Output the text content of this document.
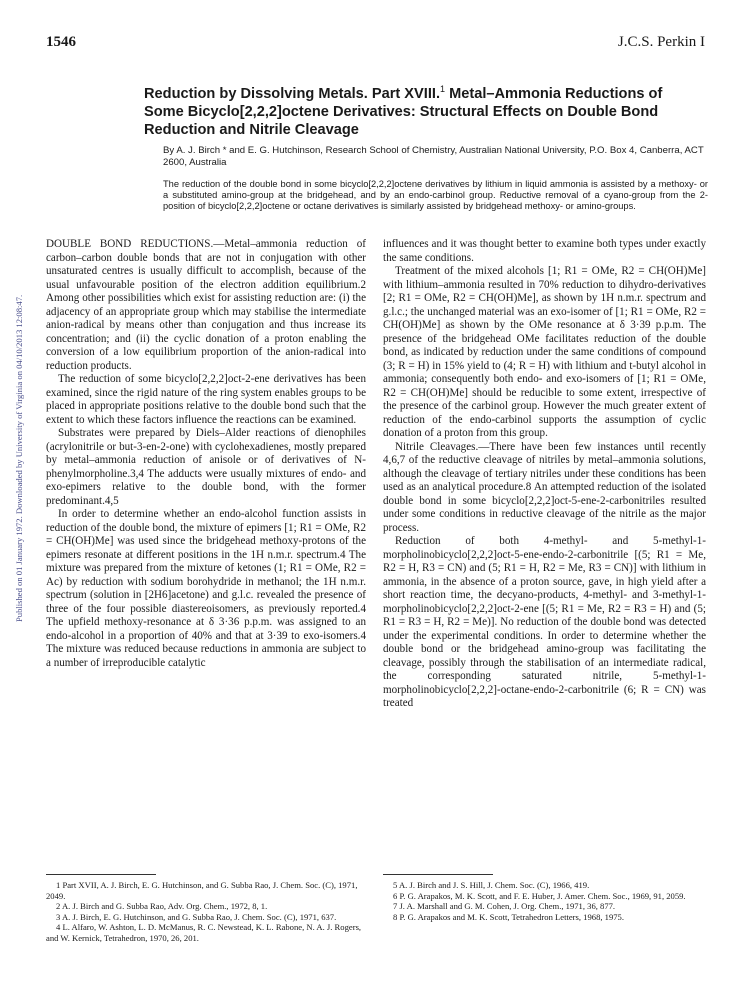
1546	J.C.S. Perkin I
Published on 01 January 1972. Downloaded by University of Virginia on 04/10/2013 12:08:47.
Reduction by Dissolving Metals. Part XVIII.$^1$ Metal–Ammonia Reductions of Some Bicyclo[2,2,2]octene Derivatives: Structural Effects on Double Bond Reduction and Nitrile Cleavage
By A. J. Birch * and E. G. Hutchinson, Research School of Chemistry, Australian National University, P.O. Box 4, Canberra, ACT 2600, Australia
The reduction of the double bond in some bicyclo[2,2,2]octene derivatives by lithium in liquid ammonia is assisted by a methoxy- or a substituted amino-group at the bridgehead, and by an endo-carbinol group. Reductive removal of a cyano-group from the 2-position of bicyclo[2,2,2]octene or octane derivatives is similarly assisted by bridgehead methoxy- or amino-groups.

DOUBLE BOND REDUCTIONS.—Metal–ammonia reduction of carbon–carbon double bonds that are not in conjugation with other unsaturated centres is usually difficult to accomplish, because of the usual unfavourable position of the electron addition equilibrium.2 Among other possibilities which exist for assisting reduction are: (i) the adjacency of an appropriate group which may stabilise the intermediate anion-radical by means other than conjugation and thus increase its concentration; and (ii) the cyclic donation of a proton enabling the conversion of a low equilibrium proportion of the anion-radical into reduction products.

The reduction of some bicyclo[2,2,2]oct-2-ene derivatives has been examined, since the rigid nature of the ring system enables groups to be placed in appropriate positions relative to the double bond such that the extent to which these factors influence the reactions can be examined.

Substrates were prepared by Diels–Alder reactions of dienophiles (acrylonitrile or but-3-en-2-one) with cyclohexadienes, mostly prepared by metal–ammonia reduction of anisole or of derivatives of N-phenylmorpholine.3,4 The adducts were usually mixtures of endo- and exo-epimers relative to the double bond, with the former predominant.4,5

In order to determine whether an endo-alcohol function assists in reduction of the double bond, the mixture of epimers [1; R1 = OMe, R2 = CH(OH)Me] was used since the bridgehead methoxy-protons of the epimers resonate at different positions in the 1H n.m.r. spectrum.4 The mixture was prepared from the mixture of ketones (1; R1 = OMe, R2 = Ac) by reduction with sodium borohydride in methanol; the 1H n.m.r. spectrum (solution in [2H6]acetone) and g.l.c. revealed the presence of three of the four possible diastereoisomers, as previously reported.4 The upfield methoxy-resonance at δ 3·36 p.p.m. was assigned to an endo-alcohol in a proportion of 40% and that at 3·39 to exo-isomers.4 The mixture was reduced because reductions in ammonia are subject to a number of irreproducible catalytic

influences and it was thought better to examine both types under exactly the same conditions.

Treatment of the mixed alcohols [1; R1 = OMe, R2 = CH(OH)Me] with lithium–ammonia resulted in 70% reduction to dihydro-derivatives [2; R1 = OMe, R2 = CH(OH)Me], as shown by 1H n.m.r. spectrum and g.l.c.; the unchanged material was an exo-isomer of [1; R1 = OMe, R2 = CH(OH)Me] as shown by the OMe resonance at δ 3·39 p.p.m. The presence of the bridgehead OMe facilitates reduction of the double bond, as indicated by reduction under the same conditions of compound (3; R = H) in 15% yield to (4; R = H) with lithium and t-butyl alcohol in ammonia; consequently both endo- and exo-isomers of [1; R1 = OMe, R2 = CH(OH)Me] should be reducible to some extent, irrespective of the presence of the carbinol group. However the much greater extent of reduction of the endo-carbinol supports the assumption of cyclic donation of a proton from this group.

Nitrile Cleavages.—There have been few instances until recently 4,6,7 of the reductive cleavage of nitriles by metal–ammonia solutions, although the cleavage of tertiary nitriles under these conditions has been used as an analytical procedure.8 An attempted reduction of the isolated double bond in some bicyclo[2,2,2]oct-5-ene-2-carbonitriles resulted under some conditions in reductive cleavage of the nitrile as the major process.

Reduction of both 4-methyl- and 5-methyl-1-morpholinobicyclo[2,2,2]oct-5-ene-endo-2-carbonitrile [(5; R1 = Me, R2 = H, R3 = CN) and (5; R1 = H, R2 = Me, R3 = CN)] with lithium in ammonia, in the absence of a proton source, gave, in high yield after a short reaction time, the decyano-products, 4-methyl- and 3-methyl-1-morpholinobicyclo[2,2,2]oct-2-ene [(5; R1 = Me, R2 = R3 = H) and (5; R1 = R3 = H, R2 = Me)]. No reduction of the double bond was detected under the experimental conditions. In order to determine whether the double bond or the bridgehead amino-group was facilitating the cleavage, possibly through the stabilisation of an intermediate radical, the corresponding saturated nitrile, 5-methyl-1-morpholinobicyclo[2,2,2]-octane-endo-2-carbonitrile (6; R = CN) was treated

1 Part XVII, A. J. Birch, E. G. Hutchinson, and G. Subba Rao, J. Chem. Soc. (C), 1971, 2049.

2 A. J. Birch and G. Subba Rao, Adv. Org. Chem., 1972, 8, 1.

3 A. J. Birch, E. G. Hutchinson, and G. Subba Rao, J. Chem. Soc. (C), 1971, 637.

4 L. Alfaro, W. Ashton, L. D. McManus, R. C. Newstead, K. L. Rabone, N. A. J. Rogers, and W. Kernick, Tetrahedron, 1970, 26, 201.

5 A. J. Birch and J. S. Hill, J. Chem. Soc. (C), 1966, 419.

6 P. G. Arapakos, M. K. Scott, and F. E. Huber, J. Amer. Chem. Soc., 1969, 91, 2059.

7 J. A. Marshall and G. M. Cohen, J. Org. Chem., 1971, 36, 877.

8 P. G. Arapakos and M. K. Scott, Tetrahedron Letters, 1968, 1975.
